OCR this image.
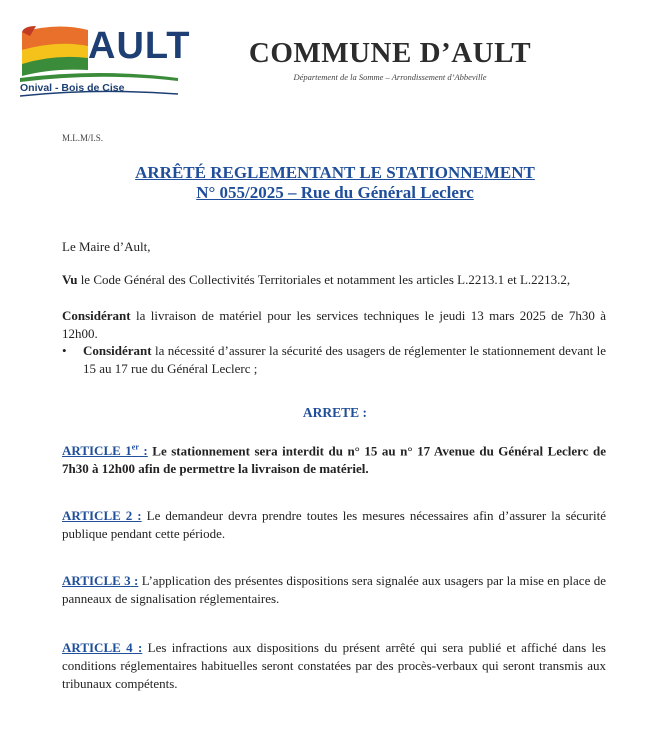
AULT
Onival - Bois de Cise
COMMUNE D’AULT
Département de la Somme – Arrondissement d’Abbeville
M.L.M/I.S.
ARRÊTÉ REGLEMENTANT LE STATIONNEMENT
N° 055/2025 – Rue du Général Leclerc
Le Maire d’Ault,
Vu le Code Général des Collectivités Territoriales et notamment les articles L.2213.1 et L.2213.2,
Considérant la livraison de matériel pour les services techniques le jeudi 13 mars 2025 de 7h30 à 12h00.
• Considérant la nécessité d’assurer la sécurité des usagers de réglementer le stationnement devant le 15 au 17 rue du Général Leclerc ;
ARRETE :
ARTICLE 1er : Le stationnement sera interdit du n° 15 au n° 17 Avenue du Général Leclerc de 7h30 à 12h00 afin de permettre la livraison de matériel.
ARTICLE 2 : Le demandeur devra prendre toutes les mesures nécessaires afin d’assurer la sécurité publique pendant cette période.
ARTICLE 3 : L’application des présentes dispositions sera signalée aux usagers par la mise en place de panneaux de signalisation réglementaires.
ARTICLE 4 : Les infractions aux dispositions du présent arrêté qui sera publié et affiché dans les conditions réglementaires habituelles seront constatées par des procès-verbaux qui seront transmis aux tribunaux compétents.
